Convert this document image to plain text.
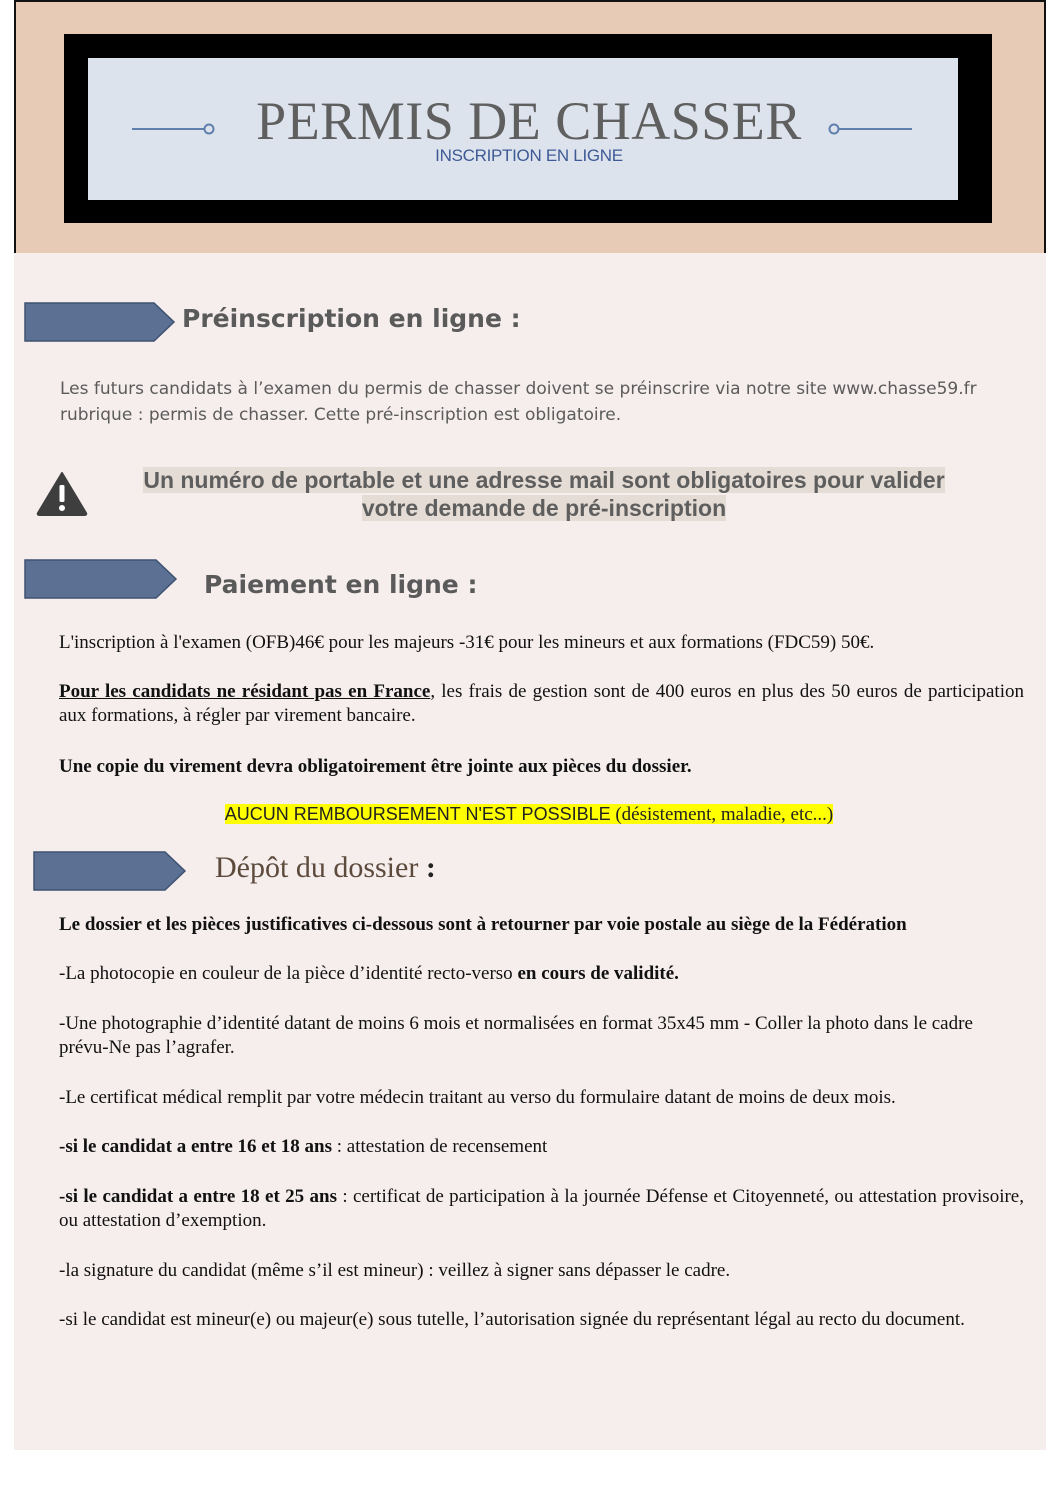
PERMIS DE CHASSER
INSCRIPTION EN LIGNE
Préinscription en ligne :
Les futurs candidats à l’examen du permis de chasser doivent se préinscrire via notre site www.chasse59.fr
rubrique : permis de chasser. Cette pré-inscription est obligatoire.
Un numéro de portable et une adresse mail sont obligatoires pour valider
votre demande de pré-inscription
Paiement en ligne :
L'inscription à l'examen (OFB)46€ pour les majeurs -31€ pour les mineurs et aux formations (FDC59) 50€.
Pour les candidats ne résidant pas en France, les frais de gestion sont de 400 euros en plus des 50 euros de participation aux formations, à régler par virement bancaire.
Une copie du virement devra obligatoirement être jointe aux pièces du dossier.
AUCUN REMBOURSEMENT N'EST POSSIBLE (désistement, maladie, etc...)
Dépôt du dossier :
Le dossier et les pièces justificatives ci-dessous sont à retourner par voie postale au siège de la Fédération
-La photocopie en couleur de la pièce d’identité recto-verso en cours de validité.
-Une photographie d’identité datant de moins 6 mois et normalisées en format 35x45 mm - Coller la photo dans le cadre prévu-Ne pas l’agrafer.
-Le certificat médical remplit par votre médecin traitant au verso du formulaire datant de moins de deux mois.
-si le candidat a entre 16 et 18 ans : attestation de recensement
-si le candidat a entre 18 et 25 ans : certificat de participation à la journée Défense et Citoyenneté, ou attestation provisoire, ou attestation d’exemption.
-la signature du candidat (même s’il est mineur) : veillez à signer sans dépasser le cadre.
-si le candidat est mineur(e) ou majeur(e) sous tutelle, l’autorisation signée du représentant légal au recto du document.
